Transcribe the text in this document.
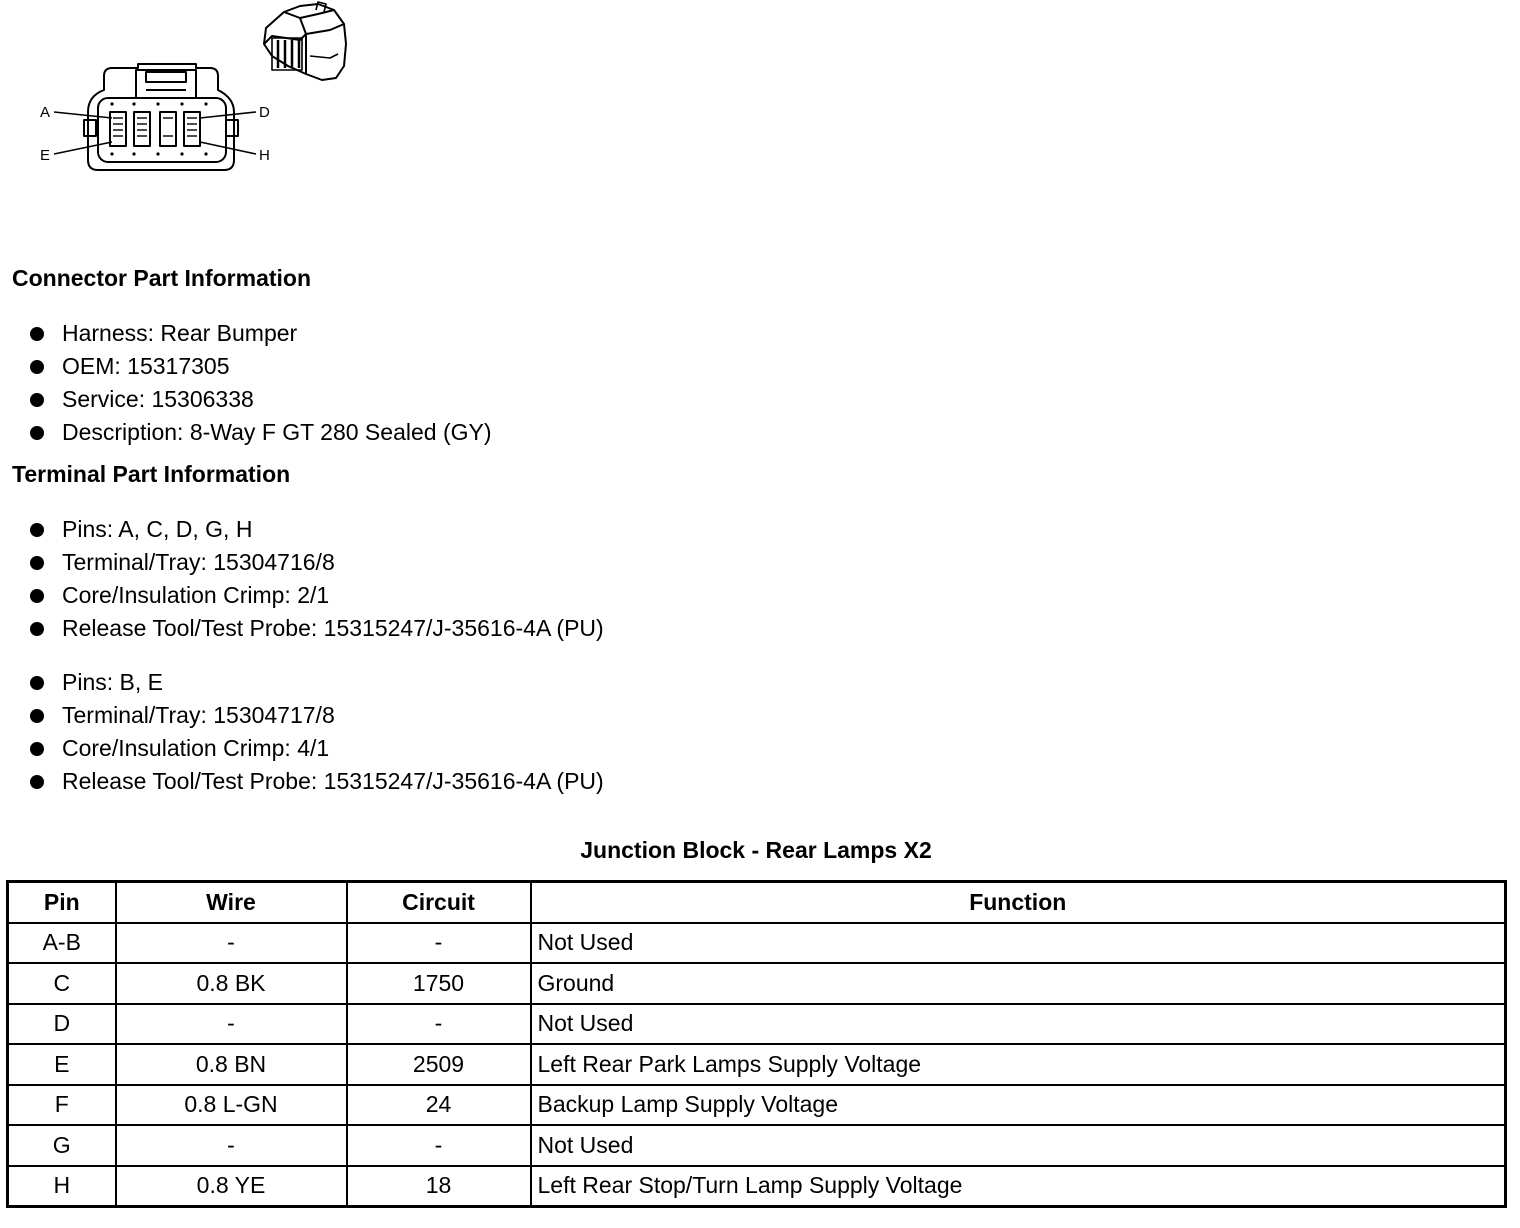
A	D
E	H
Connector Part Information
Harness: Rear Bumper
OEM: 15317305
Service: 15306338
Description: 8-Way F GT 280 Sealed (GY)
Terminal Part Information
Pins: A, C, D, G, H
Terminal/Tray: 15304716/8
Core/Insulation Crimp: 2/1
Release Tool/Test Probe: 15315247/J-35616-4A (PU)
Pins: B, E
Terminal/Tray: 15304717/8
Core/Insulation Crimp: 4/1
Release Tool/Test Probe: 15315247/J-35616-4A (PU)
Junction Block - Rear Lamps X2
Pin	Wire	Circuit	Function
A-B	-	-	Not Used
C	0.8 BK	1750	Ground
D	-	-	Not Used
E	0.8 BN	2509	Left Rear Park Lamps Supply Voltage
F	0.8 L-GN	24	Backup Lamp Supply Voltage
G	-	-	Not Used
H	0.8 YE	18	Left Rear Stop/Turn Lamp Supply Voltage
